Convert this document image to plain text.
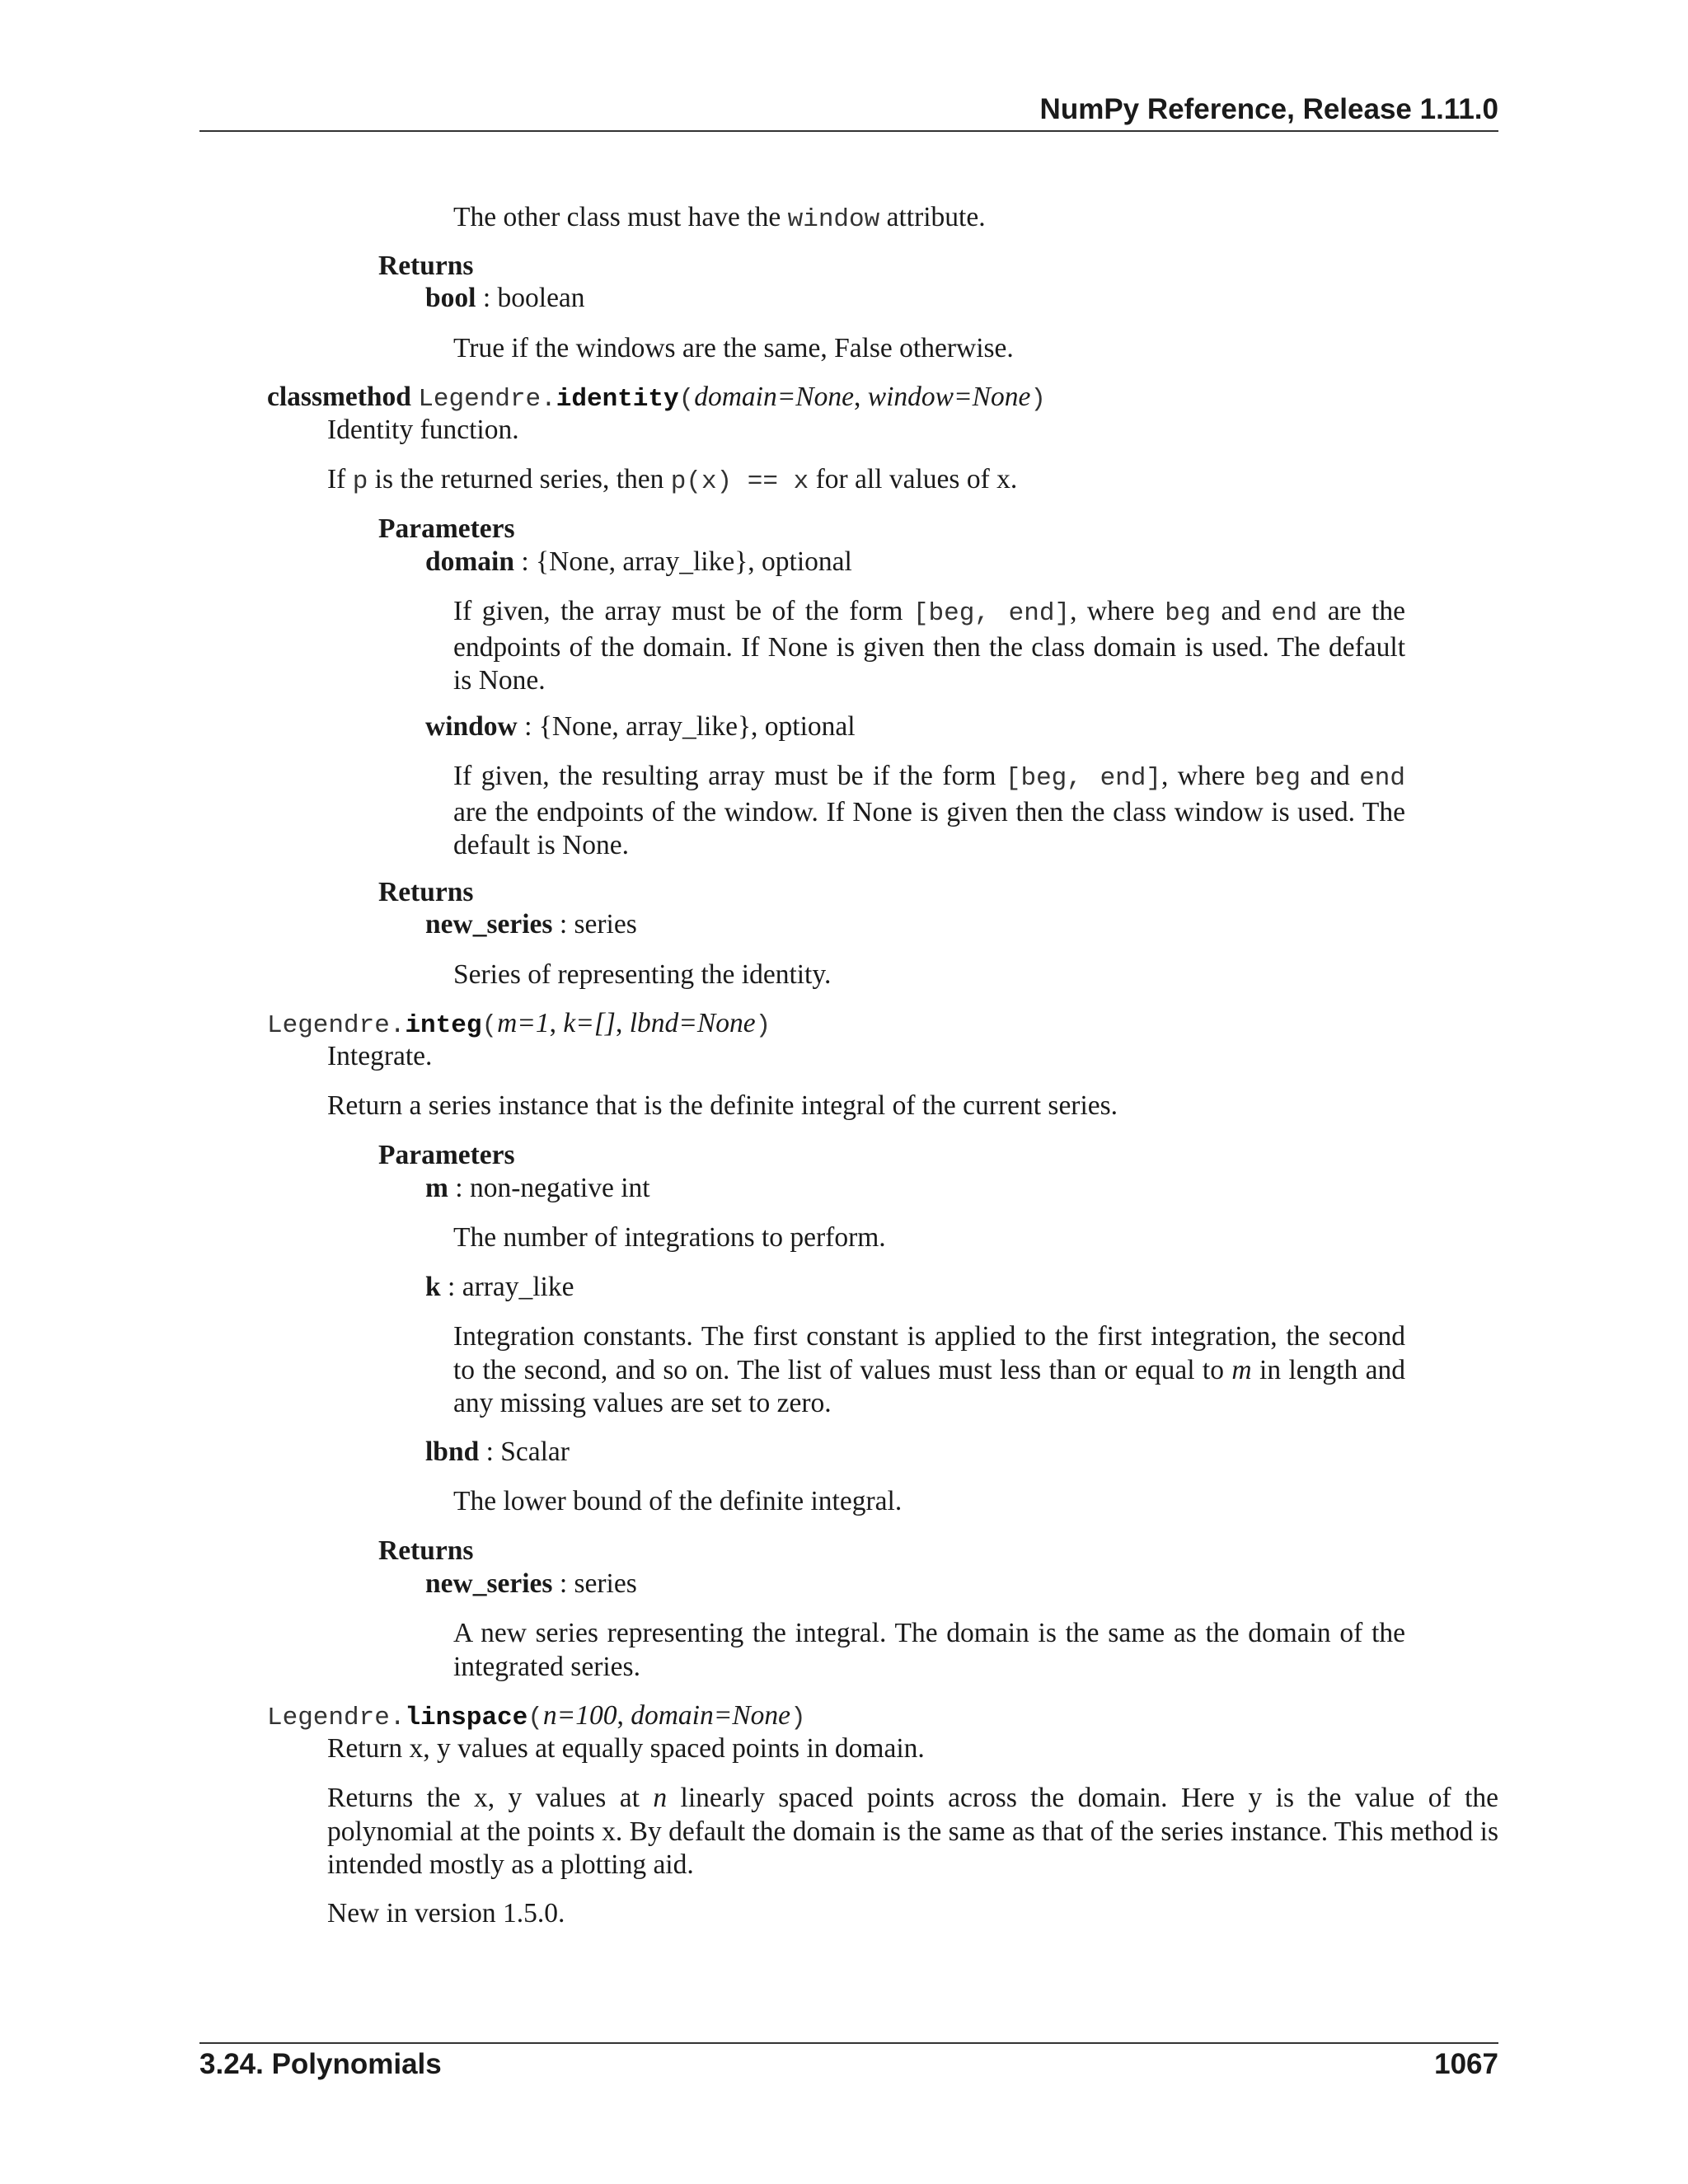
NumPy Reference, Release 1.11.0
The other class must have the window attribute.
Returns
bool : boolean
True if the windows are the same, False otherwise.
classmethod Legendre.identity(domain=None, window=None)
Identity function.
If p is the returned series, then p(x) == x for all values of x.
Parameters
domain : {None, array_like}, optional
If given, the array must be of the form [beg, end], where beg and end are the endpoints of the domain. If None is given then the class domain is used. The default is None.
window : {None, array_like}, optional
If given, the resulting array must be if the form [beg, end], where beg and end are the endpoints of the window. If None is given then the class window is used. The default is None.
Returns
new_series : series
Series of representing the identity.
Legendre.integ(m=1, k=[], lbnd=None)
Integrate.
Return a series instance that is the definite integral of the current series.
Parameters
m : non-negative int
The number of integrations to perform.
k : array_like
Integration constants. The first constant is applied to the first integration, the second to the second, and so on. The list of values must less than or equal to m in length and any missing values are set to zero.
lbnd : Scalar
The lower bound of the definite integral.
Returns
new_series : series
A new series representing the integral. The domain is the same as the domain of the integrated series.
Legendre.linspace(n=100, domain=None)
Return x, y values at equally spaced points in domain.
Returns the x, y values at n linearly spaced points across the domain. Here y is the value of the polynomial at the points x. By default the domain is the same as that of the series instance. This method is intended mostly as a plotting aid.
New in version 1.5.0.
3.24. Polynomials	1067
